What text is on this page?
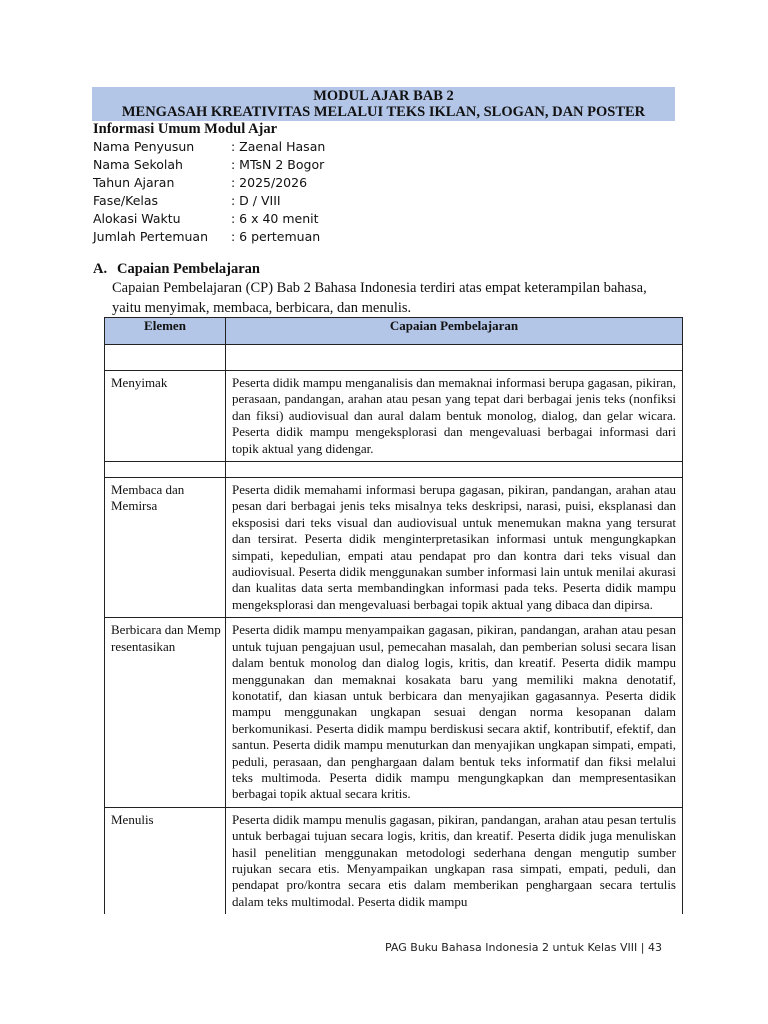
MODUL AJAR BAB 2
MENGASAH KREATIVITAS MELALUI TEKS IKLAN, SLOGAN, DAN POSTER
Informasi Umum Modul Ajar
Nama Penyusun	: Zaenal Hasan
Nama Sekolah	: MTsN 2 Bogor
Tahun Ajaran	: 2025/2026
Fase/Kelas	: D / VIII
Alokasi Waktu	: 6 x 40 menit
Jumlah Pertemuan : 6 pertemuan
A. Capaian Pembelajaran
Capaian Pembelajaran (CP) Bab 2 Bahasa Indonesia terdiri atas empat keterampilan bahasa, yaitu menyimak, membaca, berbicara, dan menulis.
Elemen	Capaian Pembelajaran

Menyimak	Peserta didik mampu menganalisis dan memaknai informasi berupa gagasan, pikiran, perasaan, pandangan, arahan atau pesan yang tepat dari berbagai jenis teks (nonfiksi dan fiksi) audiovisual dan aural dalam bentuk monolog, dialog, dan gelar wicara. Peserta didik mampu mengeksplorasi dan mengevaluasi berbagai informasi dari topik aktual yang didengar.

Membaca dan Memirsa	Peserta didik memahami informasi berupa gagasan, pikiran, pandangan, arahan atau pesan dari berbagai jenis teks misalnya teks deskripsi, narasi, puisi, eksplanasi dan eksposisi dari teks visual dan audiovisual untuk menemukan makna yang tersurat dan tersirat. Peserta didik menginterpretasikan informasi untuk mengungkapkan simpati, kepedulian, empati atau pendapat pro dan kontra dari teks visual dan audiovisual. Peserta didik menggunakan sumber informasi lain untuk menilai akurasi dan kualitas data serta membandingkan informasi pada teks. Peserta didik mampu mengeksplorasi dan mengevaluasi berbagai topik aktual yang dibaca dan dipirsa.
Berbicara dan Mempresentasikan	Peserta didik mampu menyampaikan gagasan, pikiran, pandangan, arahan atau pesan untuk tujuan pengajuan usul, pemecahan masalah, dan pemberian solusi secara lisan dalam bentuk monolog dan dialog logis, kritis, dan kreatif. Peserta didik mampu menggunakan dan memaknai kosakata baru yang memiliki makna denotatif, konotatif, dan kiasan untuk berbicara dan menyajikan gagasannya. Peserta didik mampu menggunakan ungkapan sesuai dengan norma kesopanan dalam berkomunikasi. Peserta didik mampu berdiskusi secara aktif, kontributif, efektif, dan santun. Peserta didik mampu menuturkan dan menyajikan ungkapan simpati, empati, peduli, perasaan, dan penghargaan dalam bentuk teks informatif dan fiksi melalui teks multimoda. Peserta didik mampu mengungkapkan dan mempresentasikan berbagai topik aktual secara kritis.
Menulis	Peserta didik mampu menulis gagasan, pikiran, pandangan, arahan atau pesan tertulis untuk berbagai tujuan secara logis, kritis, dan kreatif. Peserta didik juga menuliskan hasil penelitian menggunakan metodologi sederhana dengan mengutip sumber rujukan secara etis. Menyampaikan ungkapan rasa simpati, empati, peduli, dan pendapat pro/kontra secara etis dalam memberikan penghargaan secara tertulis dalam teks multimodal. Peserta didik mampu
PAG Buku Bahasa Indonesia 2 untuk Kelas VIII | 43
